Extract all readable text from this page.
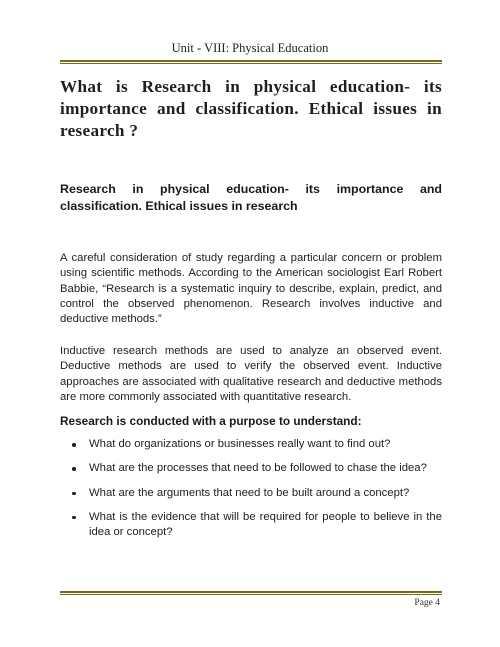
Unit - VIII: Physical Education
What is Research in physical education- its importance and classification. Ethical issues in research ?
Research in physical education- its importance and classification. Ethical issues in research

A careful consideration of study regarding a particular concern or problem using scientific methods. According to the American sociologist Earl Robert Babbie, “Research is a systematic inquiry to describe, explain, predict, and control the observed phenomenon. Research involves inductive and deductive methods.”

Inductive research methods are used to analyze an observed event. Deductive methods are used to verify the observed event. Inductive approaches are associated with qualitative research and deductive methods are more commonly associated with quantitative research.

Research is conducted with a purpose to understand:

What do organizations or businesses really want to find out?
What are the processes that need to be followed to chase the idea?
What are the arguments that need to be built around a concept?
What is the evidence that will be required for people to believe in the idea or concept?
Page 4
